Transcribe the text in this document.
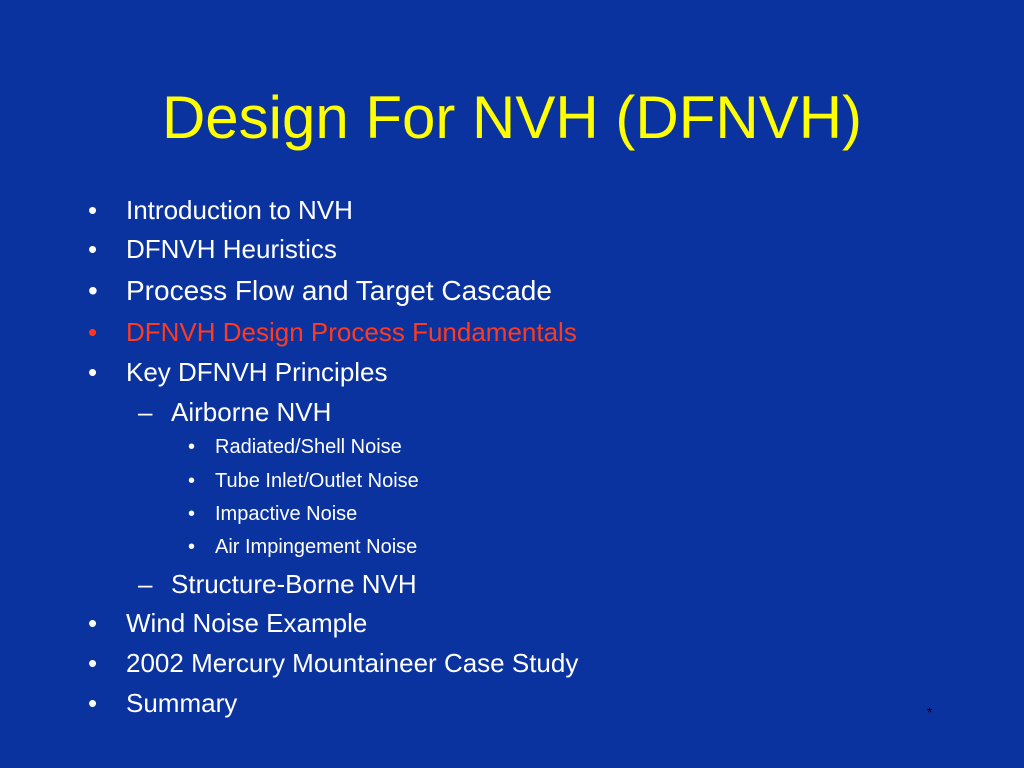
Design For NVH (DFNVH)
• Introduction to NVH
• DFNVH Heuristics
• Process Flow and Target Cascade
• DFNVH Design Process Fundamentals
• Key DFNVH Principles
– Airborne NVH
• Radiated/Shell Noise
• Tube Inlet/Outlet Noise
• Impactive Noise
• Air Impingement Noise
– Structure-Borne NVH
• Wind Noise Example
• 2002 Mercury Mountaineer Case Study
• Summary	*
